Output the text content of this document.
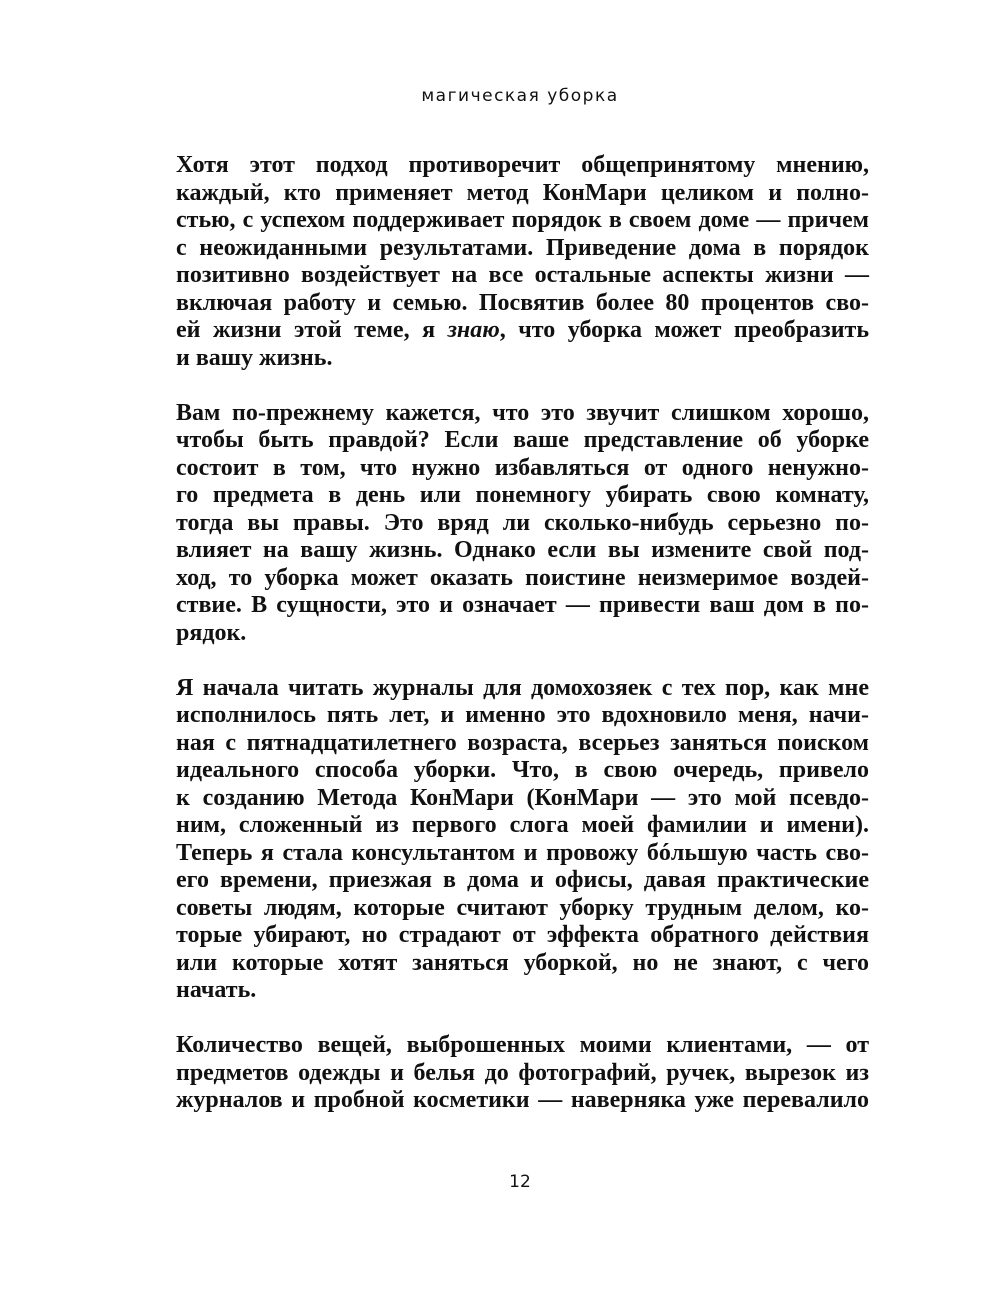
магическая уборка
Хотя этот подход противоречит общепринятому мнению,
каждый, кто применяет метод КонМари целиком и полно-
стью, с успехом поддерживает порядок в своем доме — причем
с неожиданными результатами. Приведение дома в порядок
позитивно воздействует на все остальные аспекты жизни —
включая работу и семью. Посвятив более 80 процентов сво-
ей жизни этой теме, я знаю, что уборка может преобразить
и вашу жизнь.
Вам по-прежнему кажется, что это звучит слишком хорошо,
чтобы быть правдой? Если ваше представление об уборке
состоит в том, что нужно избавляться от одного ненужно-
го предмета в день или понемногу убирать свою комнату,
тогда вы правы. Это вряд ли сколько-нибудь серьезно по-
влияет на вашу жизнь. Однако если вы измените свой под-
ход, то уборка может оказать поистине неизмеримое воздей-
ствие. В сущности, это и означает — привести ваш дом в по-
рядок.
Я начала читать журналы для домохозяек с тех пор, как мне
исполнилось пять лет, и именно это вдохновило меня, начи-
ная с пятнадцатилетнего возраста, всерьез заняться поиском
идеального способа уборки. Что, в свою очередь, привело
к созданию Метода КонМари (КонМари — это мой псевдо-
ним, сложенный из первого слога моей фамилии и имени).
Теперь я стала консультантом и провожу бóльшую часть сво-
его времени, приезжая в дома и офисы, давая практические
советы людям, которые считают уборку трудным делом, ко-
торые убирают, но страдают от эффекта обратного действия
или которые хотят заняться уборкой, но не знают, с чего
начать.
Количество вещей, выброшенных моими клиентами, — от
предметов одежды и белья до фотографий, ручек, вырезок из
журналов и пробной косметики — наверняка уже перевалило
12
